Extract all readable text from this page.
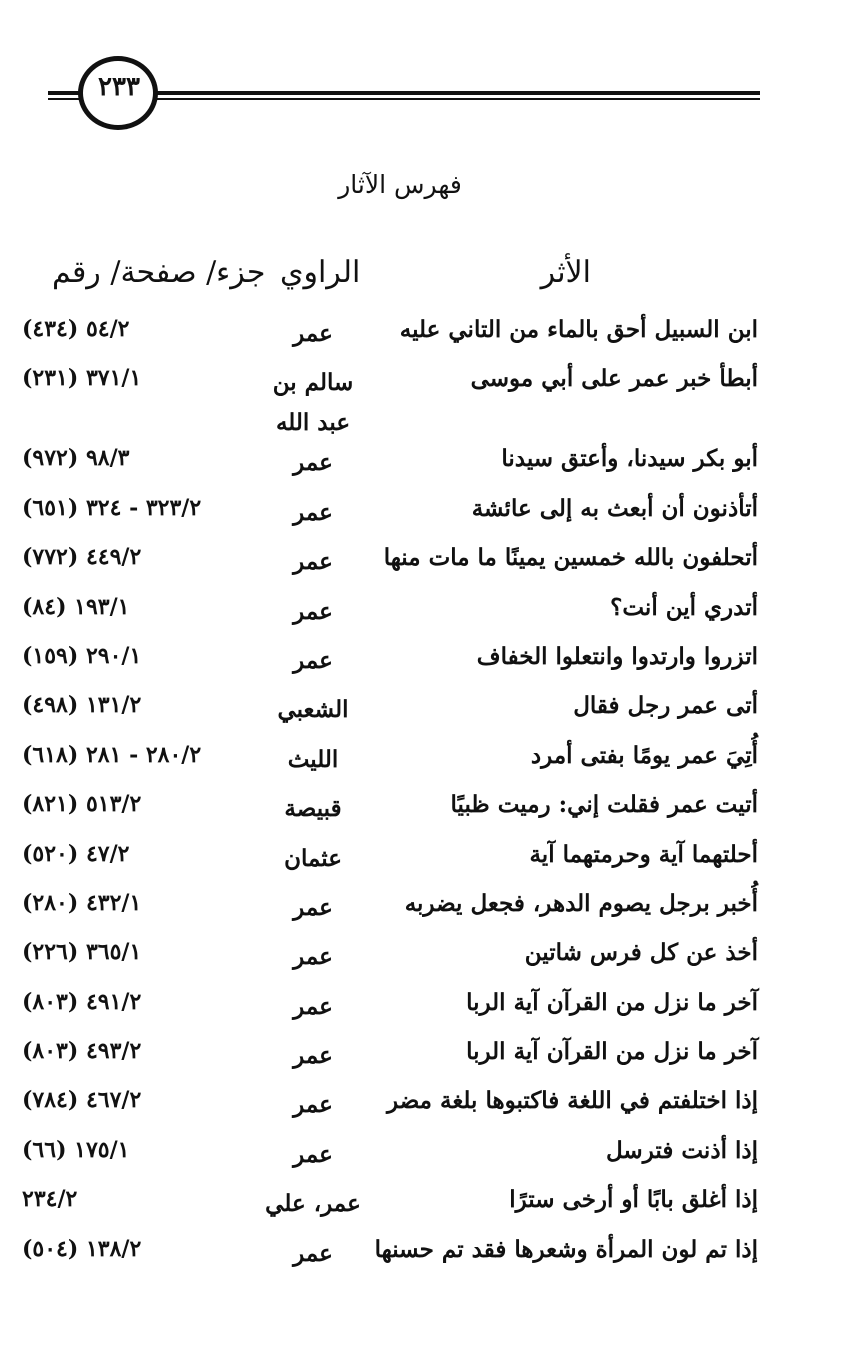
٢٣٣
فهرس الآثار
الأثر
الراوي
جزء/ صفحة/ رقم
ابن السبيل أحق بالماء من التاني عليه
عمر
٥٤/٢ (٤٣٤)
أبطأ خبر عمر على أبي موسى
سالم بن عبد الله
٣٧١/١ (٢٣١)
أبو بكر سيدنا، وأعتق سيدنا
عمر
٩٨/٣ (٩٧٢)
أتأذنون أن أبعث به إلى عائشة
عمر
٣٢٣/٢ - ٣٢٤ (٦٥١)
أتحلفون بالله خمسين يمينًا ما مات منها
عمر
٤٤٩/٢ (٧٧٢)
أتدري أين أنت؟
عمر
١٩٣/١ (٨٤)
اتزروا وارتدوا وانتعلوا الخفاف
عمر
٢٩٠/١ (١٥٩)
أتى عمر رجل فقال
الشعبي
١٣١/٢ (٤٩٨)
أُتِيَ عمر يومًا بفتى أمرد
الليث
٢٨٠/٢ - ٢٨١ (٦١٨)
أتيت عمر فقلت إني: رميت ظبيًا
قبيصة
٥١٣/٢ (٨٢١)
أحلتهما آية وحرمتهما آية
عثمان
٤٧/٢ (٥٢٠)
أُخبر برجل يصوم الدهر، فجعل يضربه
عمر
٤٣٢/١ (٢٨٠)
أخذ عن كل فرس شاتين
عمر
٣٦٥/١ (٢٢٦)
آخر ما نزل من القرآن آية الربا
عمر
٤٩١/٢ (٨٠٣)
آخر ما نزل من القرآن آية الربا
عمر
٤٩٣/٢ (٨٠٣)
إذا اختلفتم في اللغة فاكتبوها بلغة مضر
عمر
٤٦٧/٢ (٧٨٤)
إذا أذنت فترسل
عمر
١٧٥/١ (٦٦)
إذا أغلق بابًا أو أرخى سترًا
عمر، علي
٢٣٤/٢
إذا تم لون المرأة وشعرها فقد تم حسنها
عمر
١٣٨/٢ (٥٠٤)
